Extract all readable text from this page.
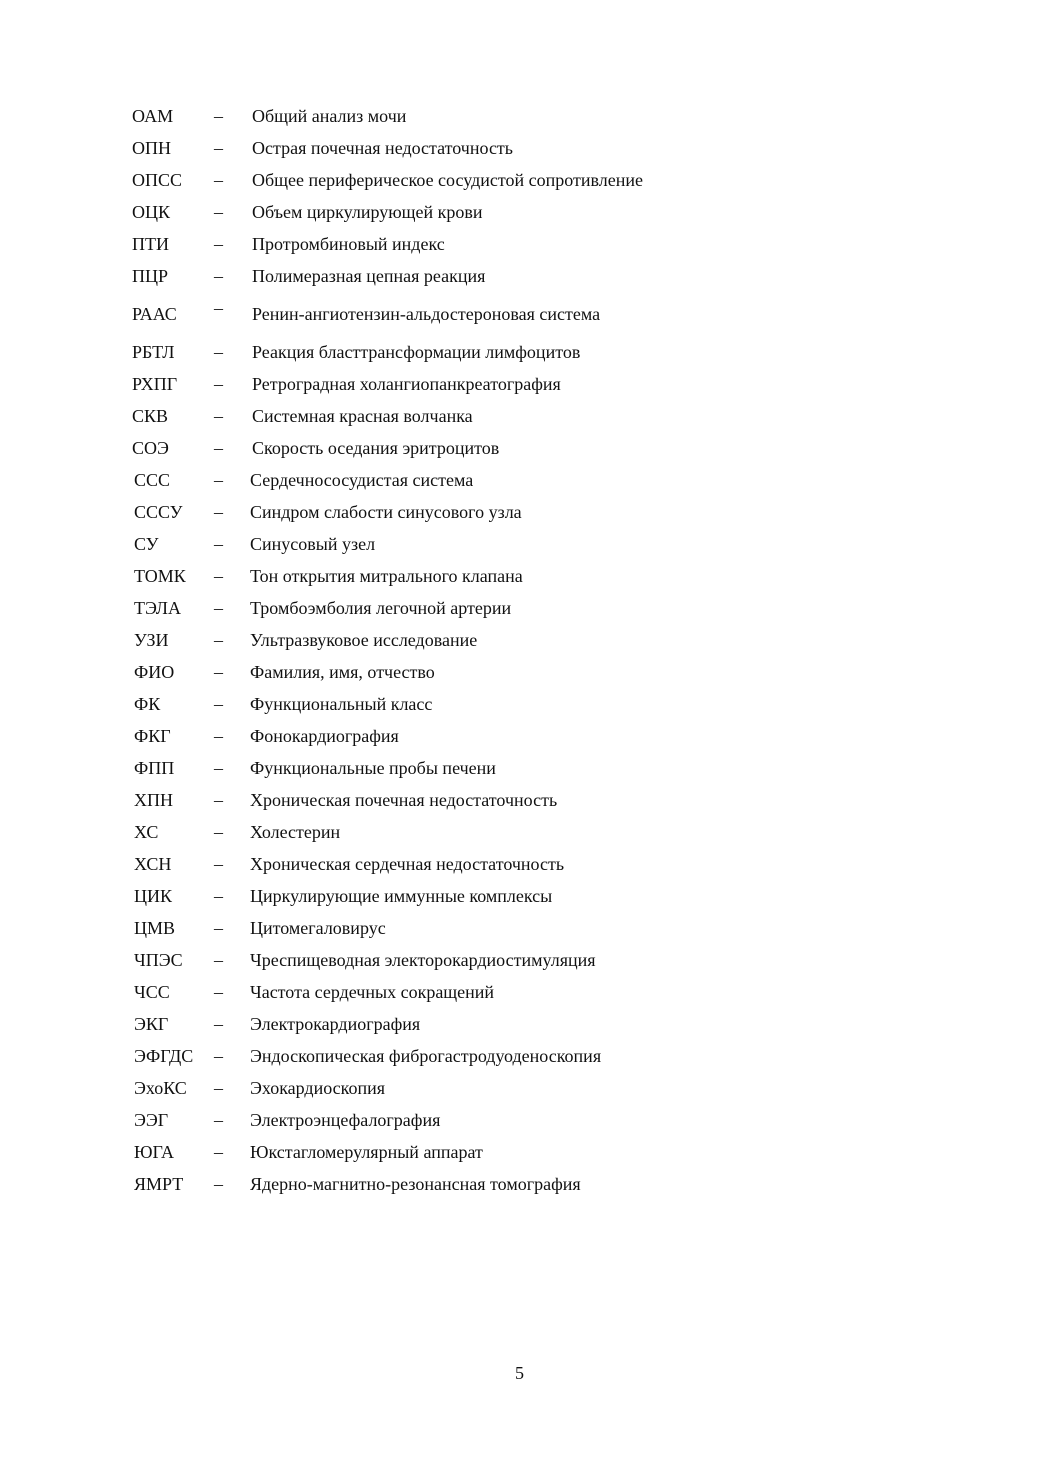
ОАМ – Общий анализ мочи
ОПН – Острая почечная недостаточность
ОПСС – Общее периферическое сосудистой сопротивление
ОЦК – Объем циркулирующей крови
ПТИ	– Протромбиновый индекс
ПЦР	– Полимеразная цепная реакция
РААС – Ренин-ангиотензин-альдостероновая система
РБТЛ – Реакция бласттрансформации лимфоцитов
РХПГ – Ретроградная холангиопанкреатография
СКВ	– Системная красная волчанка
СОЭ	– Скорость оседания эритроцитов
ССС – Сердечнососудистая система
СССУ – Синдром слабости синусового узла
СУ	– Синусовый узел
ТОМК – Тон открытия митрального клапана
ТЭЛА – Тромбоэмболия легочной артерии
УЗИ	– Ультразвуковое исследование
ФИО – Фамилия, имя, отчество
ФК	– Функциональный класс
ФКГ – Фонокардиография
ФПП – Функциональные пробы печени
ХПН – Хроническая почечная недостаточность
ХС	– Холестерин
ХСН – Хроническая сердечная недостаточность
ЦИК – Циркулирующие иммунные комплексы
ЦМВ – Цитомегаловирус
ЧПЭС – Чреспищеводная электорокардиостимуляция
ЧСС – Частота сердечных сокращений
ЭКГ	– Электрокардиография
ЭФГДС – Эндоскопическая фиброгастродуоденоскопия
ЭхоКС – Эхокардиоскопия
ЭЭГ	– Электроэнцефалография
ЮГА – Юкстагломерулярный аппарат
ЯМРТ – Ядерно-магнитно-резонансная томография
5
